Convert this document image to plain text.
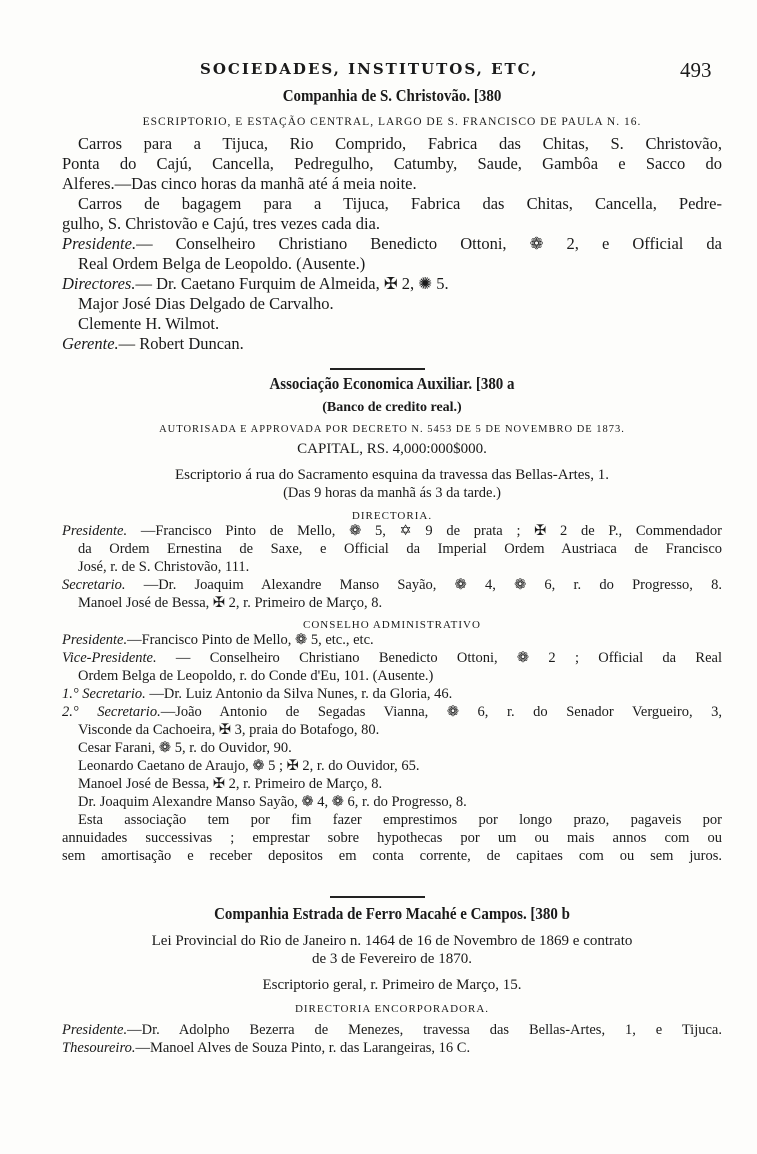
SOCIEDADES, INSTITUTOS, ETC,	493
Companhia de S. Christovão. [380
ESCRIPTORIO, E ESTAÇÃO CENTRAL, LARGO DE S. FRANCISCO DE PAULA N. 16.
Carros para a Tijuca, Rio Comprido, Fabrica das Chitas, S. Christovão,
Ponta do Cajú, Cancella, Pedregulho, Catumby, Saude, Gambôa e Sacco do
Alferes.—Das cinco horas da manhã até á meia noite.
Carros de bagagem para a Tijuca, Fabrica das Chitas, Cancella, Pedre-
gulho, S. Christovão e Cajú, tres vezes cada dia.
Presidente.— Conselheiro Christiano Benedicto Ottoni, ❁ 2, e Official da
Real Ordem Belga de Leopoldo. (Ausente.)
Directores.— Dr. Caetano Furquim de Almeida, ✠ 2, ✺ 5.
Major José Dias Delgado de Carvalho.
Clemente H. Wilmot.
Gerente.— Robert Duncan.
Associação Economica Auxiliar. [380 a
(Banco de credito real.)
AUTORISADA E APPROVADA POR DECRETO N. 5453 DE 5 DE NOVEMBRO DE 1873.
CAPITAL, RS. 4,000:000$000.
Escriptorio á rua do Sacramento esquina da travessa das Bellas-Artes, 1.
(Das 9 horas da manhã ás 3 da tarde.)
DIRECTORIA.
Presidente. —Francisco Pinto de Mello, ❁ 5, ✡ 9 de prata ; ✠ 2 de P., Commendador
da Ordem Ernestina de Saxe, e Official da Imperial Ordem Austriaca de Francisco
José, r. de S. Christovão, 111.
Secretario. —Dr. Joaquim Alexandre Manso Sayão, ❁ 4, ❁ 6, r. do Progresso, 8.
Manoel José de Bessa, ✠ 2, r. Primeiro de Março, 8.
CONSELHO ADMINISTRATIVO
Presidente.—Francisco Pinto de Mello, ❁ 5, etc., etc.
Vice-Presidente. — Conselheiro Christiano Benedicto Ottoni, ❁ 2 ; Official da Real
Ordem Belga de Leopoldo, r. do Conde d'Eu, 101. (Ausente.)
1.° Secretario. —Dr. Luiz Antonio da Silva Nunes, r. da Gloria, 46.
2.° Secretario.—João Antonio de Segadas Vianna, ❁ 6, r. do Senador Vergueiro, 3,
Visconde da Cachoeira, ✠ 3, praia do Botafogo, 80.
Cesar Farani, ❁ 5, r. do Ouvidor, 90.
Leonardo Caetano de Araujo, ❁ 5 ; ✠ 2, r. do Ouvidor, 65.
Manoel José de Bessa, ✠ 2, r. Primeiro de Março, 8.
Dr. Joaquim Alexandre Manso Sayão, ❁ 4, ❁ 6, r. do Progresso, 8.
Esta associação tem por fim fazer emprestimos por longo prazo, pagaveis por
annuidades successivas ; emprestar sobre hypothecas por um ou mais annos com ou
sem amortisação e receber depositos em conta corrente, de capitaes com ou sem juros.
Companhia Estrada de Ferro Macahé e Campos. [380 b
Lei Provincial do Rio de Janeiro n. 1464 de 16 de Novembro de 1869 e contrato
de 3 de Fevereiro de 1870.
Escriptorio geral, r. Primeiro de Março, 15.
DIRECTORIA ENCORPORADORA.
Presidente.—Dr. Adolpho Bezerra de Menezes, travessa das Bellas-Artes, 1, e Tijuca.
Thesoureiro.—Manoel Alves de Souza Pinto, r. das Larangeiras, 16 C.
